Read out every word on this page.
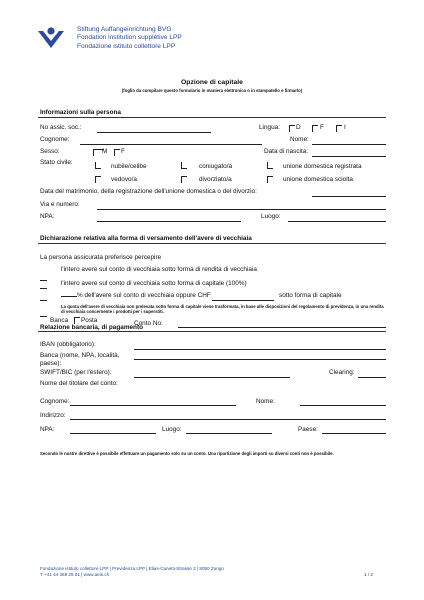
Stiftung Auffangeinrichtung BVG
Fondation institution supplétive LPP
Fondazione istituto collettore LPP
Opzione di capitale
(foglio da compilare questo formulario in maniera elettronica o in stampatello e firmarlo)
Informazioni sulla persona
No assic. soc.:	Lingua:	D	F	I
Cognome:	Nome:
Sesso:	M F	Data di nascita:
Stato civile:
nubile/celibe	coniugato/a	unione domestica registrata
vedovo/a	divorziato/a	unione domestica sciolta
Data del matrimonio, della registrazione dell'unione domestica o del divorzio:
Via e numero:
NPA:	Luogo:
Dichiarazione relativa alla forma di versamento dell'avere di vecchiaia
La persona assicurata preferisce percepire
l'intero avere sul conto di vecchiaia sotto forma di rendita di vecchiaia
l'intero avere sul conto di vecchiaia sotto forma di capitale (100%)
% dell'avere sul conto di vecchiaia oppure CHF	sotto forma di capitale
La quota dell'avere di vecchiaia non prelevata sotto forma di capitale viene trasformata, in base alle disposizioni del regolamento di previdenza, in una rendita di vecchiaia concernente i prodotti per i superstiti.
Relazione bancaria, di pagamento

Banca Posta	Conto No:
IBAN (obbligatorio):
Banca (nome, NPA, località,
paese):
SWIFT/BIC (per l'estero):	Clearing:
Nome del titolare del conto:
Cognome:	Nome:
Indirizzo:
NPA:	Luogo:	Paese:
Secondo le nostre direttive è possibile effettuare un pagamento solo su un conto. Una ripartizione degli importi su diversi conti non è possibile.
Fondazione istituto collettore LPP | Previdenza LPP | Elias-Canetti-Strasse 2 | 8050 Zurigo
T +41 44 468 25 01 | www.aeis.ch	1 / 2
